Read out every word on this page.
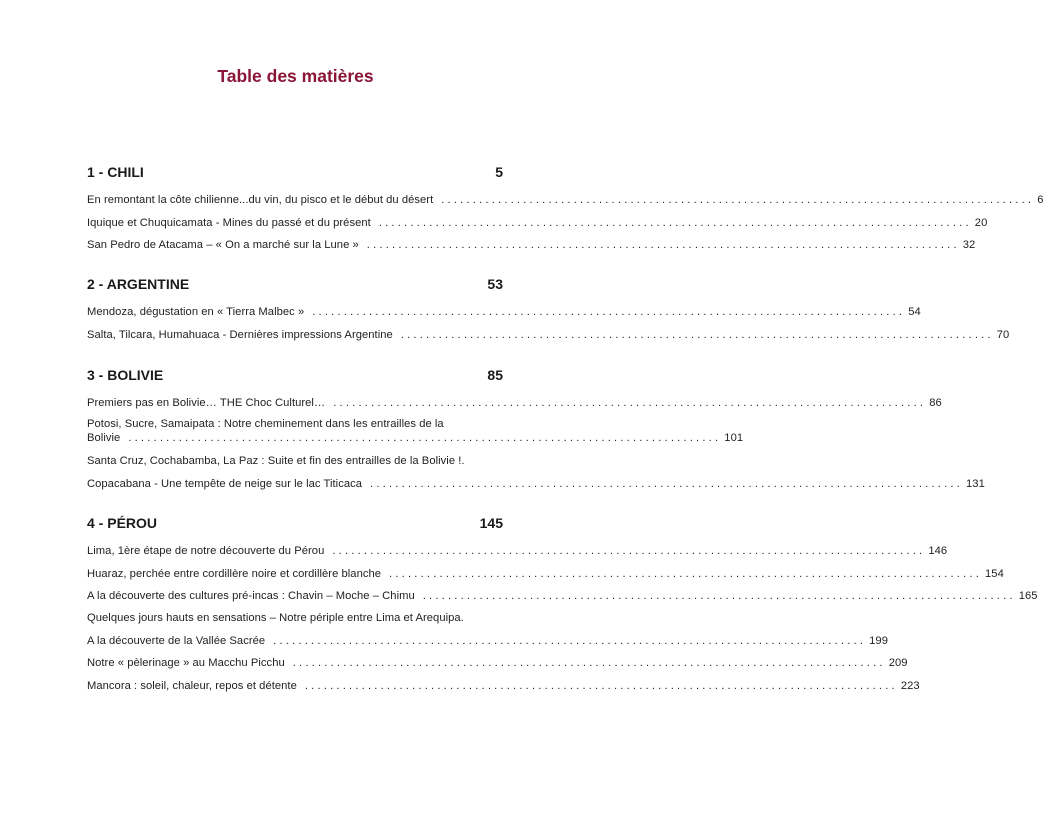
Table des matières
1 - CHILI	5
En remontant la côte chilienne...du vin, du pisco et le début du désert .............................................................................................. 6
Iquique et Chuquicamata - Mines du passé et du présent .............................................................................................. 20
San Pedro de Atacama – « On a marché sur la Lune » .............................................................................................. 32
2 - ARGENTINE	53
Mendoza, dégustation en « Tierra Malbec » .............................................................................................. 54
Salta, Tilcara, Humahuaca - Dernières impressions Argentine .............................................................................................. 70
3 - BOLIVIE	85
Premiers pas en Bolivie… THE Choc Culturel… .............................................................................................. 86
Potosi, Sucre, Samaipata : Notre cheminement dans les entrailles de la
Bolivie .............................................................................................. 101
Santa Cruz, Cochabamba, La Paz : Suite et fin des entrailles de la Bolivie !.
Copacabana - Une tempête de neige sur le lac Titicaca .............................................................................................. 131
4 - PÉROU	145
Lima, 1ère étape de notre découverte du Pérou .............................................................................................. 146
Huaraz, perchée entre cordillère noire et cordillère blanche .............................................................................................. 154
A la découverte des cultures pré-incas : Chavin – Moche – Chimu .............................................................................................. 165
Quelques jours hauts en sensations – Notre périple entre Lima et Arequipa.
A la découverte de la Vallée Sacrée .............................................................................................. 199
Notre « pèlerinage » au Macchu Picchu .............................................................................................. 209
Mancora : soleil, chaleur, repos et détente .............................................................................................. 223
